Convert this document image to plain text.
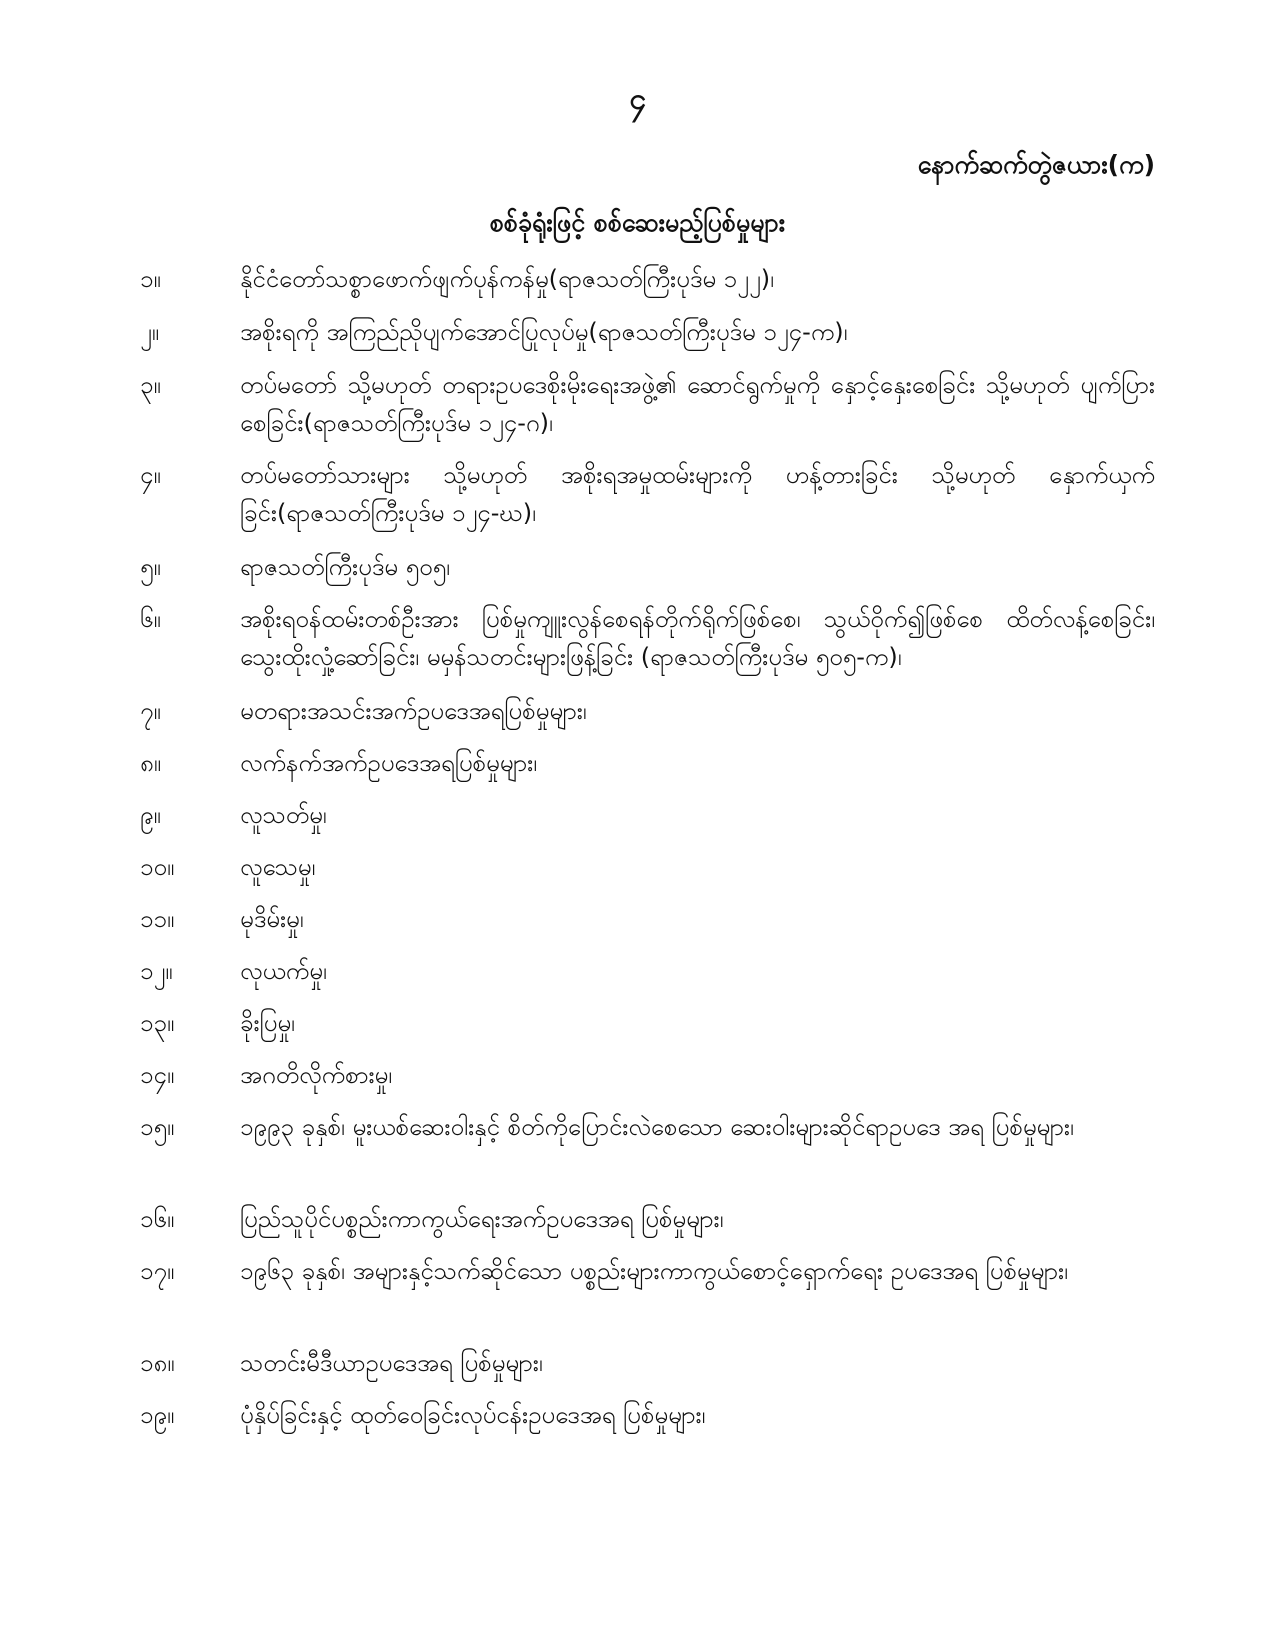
၄
နောက်ဆက်တွဲဇယား(က)
စစ်ခုံရုံးဖြင့် စစ်ဆေးမည့်ပြစ်မှုများ
၁။	နိုင်ငံတော်သစ္စာဖောက်ဖျက်ပုန်ကန်မှု(ရာဇသတ်ကြီးပုဒ်မ ၁၂၂)၊
၂။	အစိုးရကို အကြည်ညိုပျက်အောင်ပြုလုပ်မှု(ရာဇသတ်ကြီးပုဒ်မ ၁၂၄-က)၊
၃။	တပ်မတော် သို့မဟုတ် တရားဥပဒေစိုးမိုးရေးအဖွဲ့၏ ဆောင်ရွက်မှုကို နှောင့်နှေးစေခြင်း သို့မဟုတ် ပျက်ပြားစေခြင်း(ရာဇသတ်ကြီးပုဒ်မ ၁၂၄-ဂ)၊
၄။	တပ်မတော်သားများ သို့မဟုတ် အစိုးရအမှုထမ်းများကို ဟန့်တားခြင်း သို့မဟုတ် နှောက်ယှက်ခြင်း(ရာဇသတ်ကြီးပုဒ်မ ၁၂၄-ဃ)၊
၅။	ရာဇသတ်ကြီးပုဒ်မ ၅၀၅၊
၆။	အစိုးရဝန်ထမ်းတစ်ဦးအား ပြစ်မှုကျူးလွန်စေရန်တိုက်ရိုက်ဖြစ်စေ၊ သွယ်ဝိုက်၍ဖြစ်စေ ထိတ်လန့်စေခြင်း၊ သွေးထိုးလှုံ့ဆော်ခြင်း၊ မမှန်သတင်းများဖြန့်ခြင်း (ရာဇသတ်ကြီးပုဒ်မ ၅၀၅-က)၊
၇။	မတရားအသင်းအက်ဥပဒေအရပြစ်မှုများ၊
၈။	လက်နက်အက်ဥပဒေအရပြစ်မှုများ၊
၉။	လူသတ်မှု၊
၁၀။	လူသေမှု၊
၁၁။	မုဒိမ်းမှု၊
၁၂။	လုယက်မှု၊
၁၃။	ခိုးပြမှု၊
၁၄။	အဂတိလိုက်စားမှု၊
၁၅။	၁၉၉၃ ခုနှစ်၊ မူးယစ်ဆေးဝါးနှင့် စိတ်ကိုပြောင်းလဲစေသော ဆေးဝါးများဆိုင်ရာဥပဒေ အရ ပြစ်မှုများ၊
၁၆။	ပြည်သူပိုင်ပစ္စည်းကာကွယ်ရေးအက်ဥပဒေအရ ပြစ်မှုများ၊
၁၇။	၁၉၆၃ ခုနှစ်၊ အများနှင့်သက်ဆိုင်သော ပစ္စည်းများကာကွယ်စောင့်ရှောက်ရေး ဥပဒေအရ ပြစ်မှုများ၊
၁၈။	သတင်းမီဒီယာဥပဒေအရ ပြစ်မှုများ၊
၁၉။	ပုံနှိပ်ခြင်းနှင့် ထုတ်ဝေခြင်းလုပ်ငန်းဥပဒေအရ ပြစ်မှုများ၊
